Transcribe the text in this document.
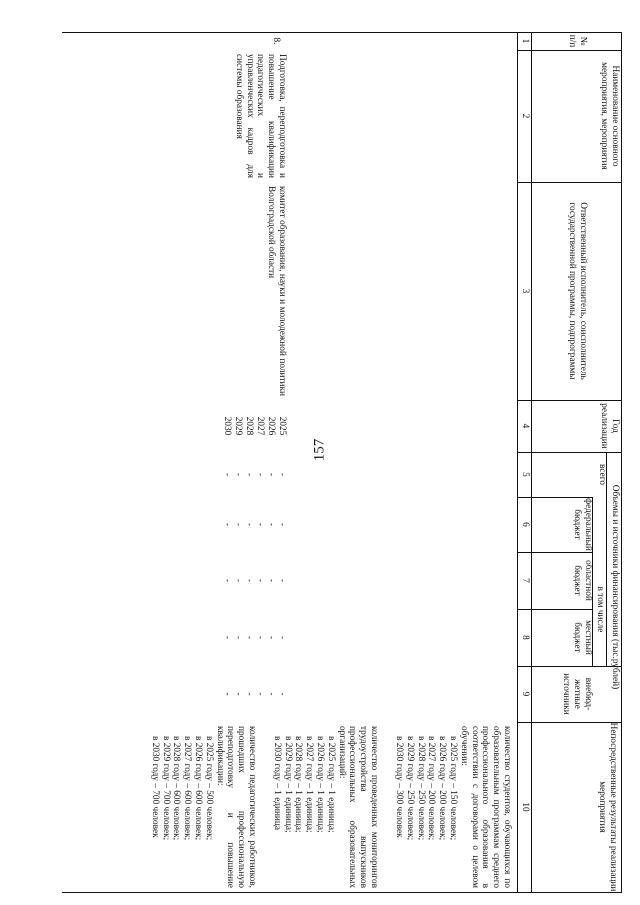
157
№ п/п
Наименование основного мероприятия, мероприятия
Ответственный исполнитель, соисполнитель государственной программы, подпрограммы
Год реализации
Объемы и источники финансирования (тыс.рублей)
всего
в том числе
федеральный бюджет
областной бюджет
местный бюджет
внебюд-жетные источники
Непосредственные результаты реализации мероприятия
1
2
3
4
5
6
7
8
9
10
8.
Подготовка, переподготовка и повышение квалификации педагогических и управленческих кадров для системы образования
комитет образования, науки и молодежной политики Волгоградской области
2025
-
-
-
-
-
2026
-
-
-
-
-
2027
-
-
-
-
-
2028
-
-
-
-
-
2029
-
-
-
-
-
2030
-
-
-
-
-
количество студентов, обучающихся по образовательным программам среднего профессионального образования в соответствии с договорами о целевом обучении:
в 2025 году – 150 человек;
в 2026 году – 200 человек;
в 2027 году – 200 человек;
в 2028 году – 250 человек;
в 2029 году – 250 человек;
в 2030 году – 300 человек
количество проведенных мониторингов трудоустройства выпускников профессиональных образовательных организаций:
в 2025 году – 1 единица;
в 2026 году – 1 единица;
в 2027 году – 1 единица;
в 2028 году – 1 единица;
в 2029 году – 1 единица;
в 2030 году – 1 единица
количество педагогических работников, прошедших профессиональную переподготовку и повышение квалификации:
в 2025 году – 500 человек;
в 2026 году – 600 человек;
в 2027 году – 600 человек;
в 2028 году – 600 человек;
в 2029 году – 700 человек;
в 2030 году – 700 человек
